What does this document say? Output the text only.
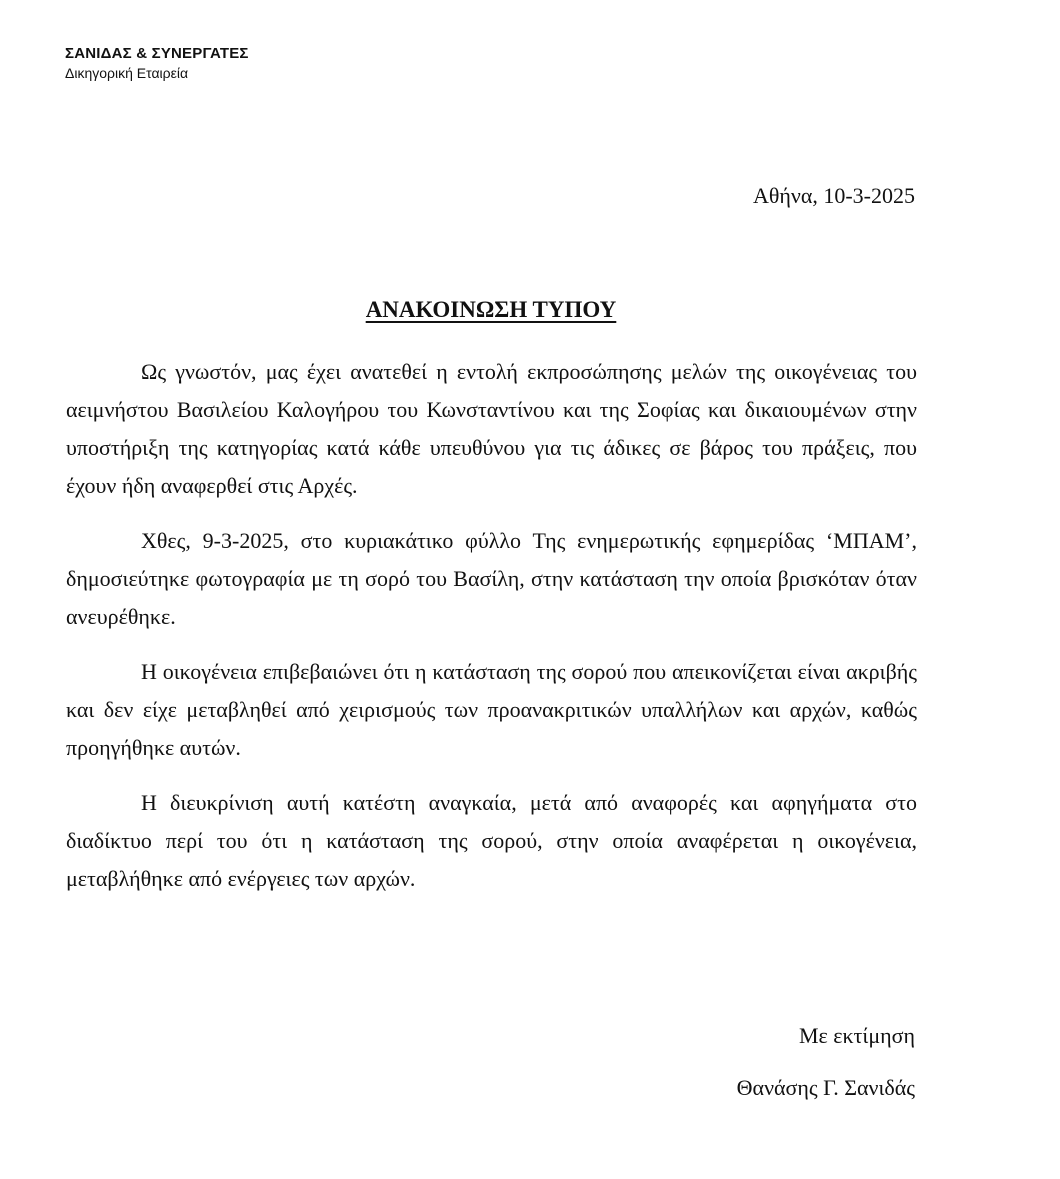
ΣΑΝΙΔΑΣ & ΣΥΝΕΡΓΑΤΕΣ
Δικηγορική Εταιρεία
Αθήνα, 10-3-2025
ΑΝΑΚΟΙΝΩΣΗ ΤΥΠΟΥ

Ως γνωστόν, μας έχει ανατεθεί η εντολή εκπροσώπησης μελών της οικογένειας του αειμνήστου Βασιλείου Καλογήρου του Κωνσταντίνου και της Σοφίας και δικαιουμένων στην υποστήριξη της κατηγορίας κατά κάθε υπευθύνου για τις άδικες σε βάρος του πράξεις, που έχουν ήδη αναφερθεί στις Αρχές.

Χθες, 9-3-2025, στο κυριακάτικο φύλλο Της ενημερωτικής εφημερίδας ‘ΜΠΑΜ’, δημοσιεύτηκε φωτογραφία με τη σορό του Βασίλη, στην κατάσταση την οποία βρισκόταν όταν ανευρέθηκε.

Η οικογένεια επιβεβαιώνει ότι η κατάσταση της σορού που απεικονίζεται είναι ακριβής και δεν είχε μεταβληθεί από χειρισμούς των προανακριτικών υπαλλήλων και αρχών, καθώς προηγήθηκε αυτών.

Η διευκρίνιση αυτή κατέστη αναγκαία, μετά από αναφορές και αφηγήματα στο διαδίκτυο περί του ότι η κατάσταση της σορού, στην οποία αναφέρεται η οικογένεια, μεταβλήθηκε από ενέργειες των αρχών.

Με εκτίμηση
Θανάσης Γ. Σανιδάς
